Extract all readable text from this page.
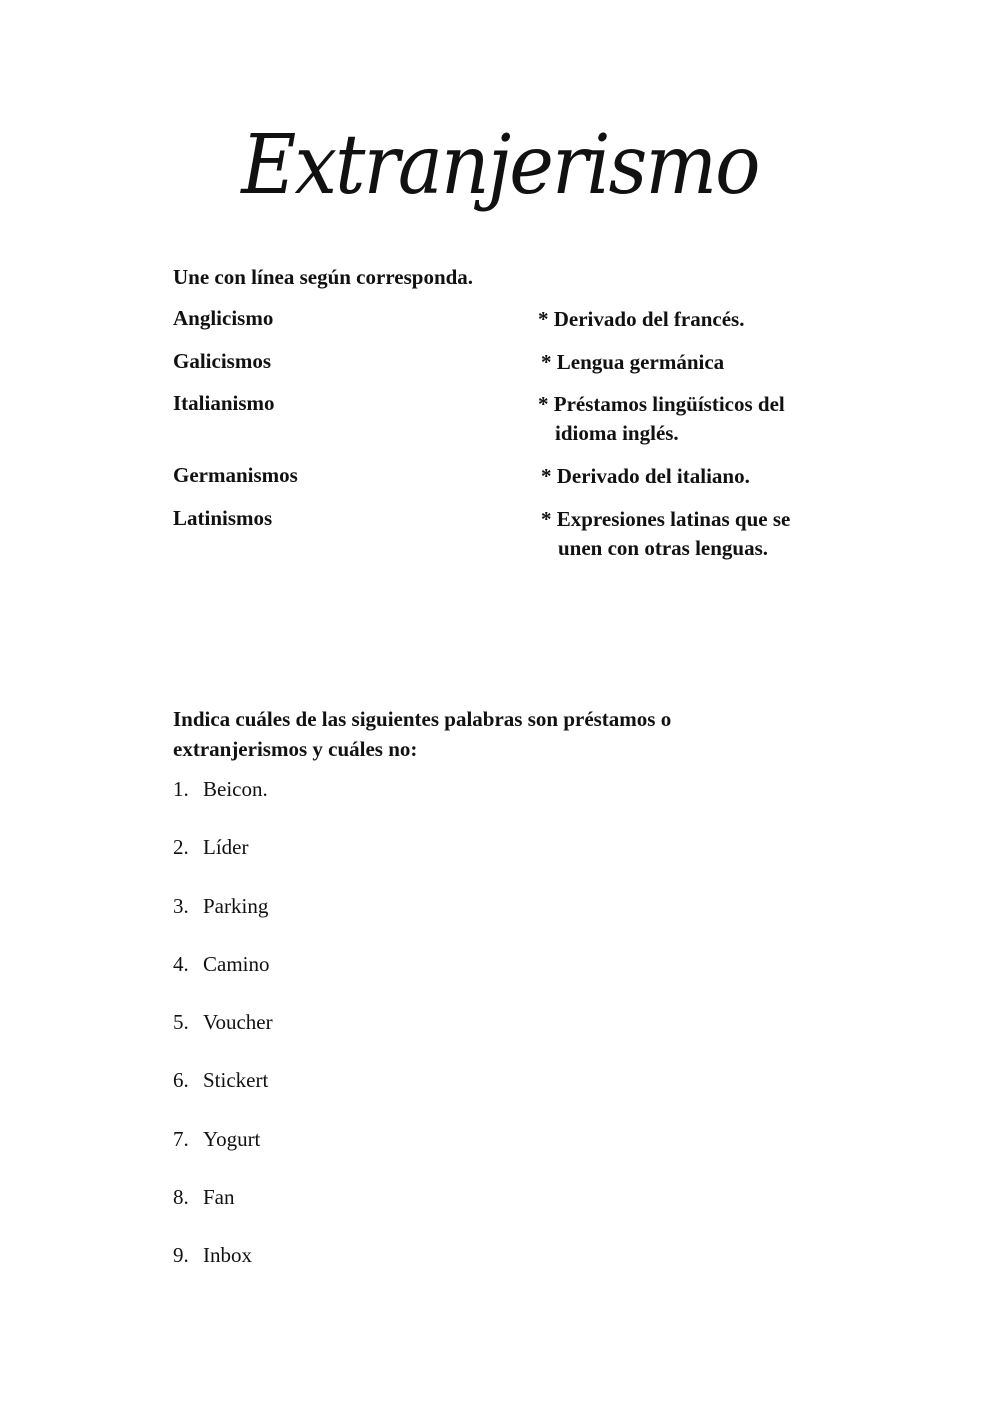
Extranjerismo
Une con línea según corresponda.
Anglicismo
Galicismos
Italianismo
Germanismos
Latinismos
* Derivado del francés.
* Lengua germánica
* Préstamos lingüísticos del
idioma inglés.
* Derivado del italiano.
* Expresiones latinas que se
unen con otras lenguas.
Indica cuáles de las siguientes palabras son préstamos o
extranjerismos y cuáles no:
1. Beicon.
2. Líder
3. Parking
4. Camino
5. Voucher
6. Stickert
7. Yogurt
8. Fan
9. Inbox
